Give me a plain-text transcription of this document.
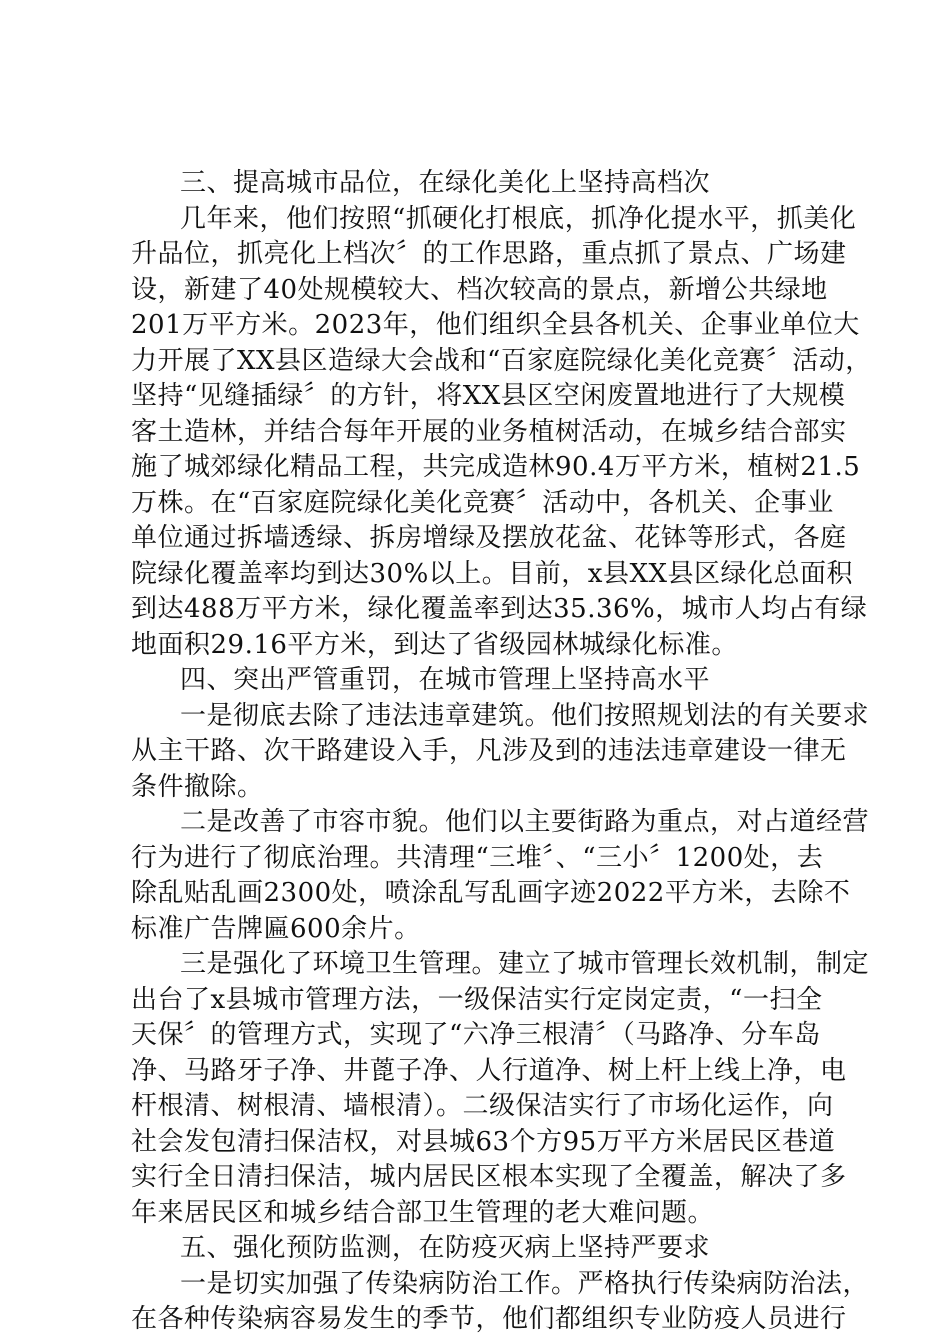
三、提高城市品位，在绿化美化上坚持高档次
几年来，他们按照“抓硬化打根底，抓净化提水平，抓美化
升品位，抓亮化上档次〞的工作思路，重点抓了景点、广场建
设，新建了40处规模较大、档次较高的景点，新增公共绿地
201万平方米。2023年，他们组织全县各机关、企事业单位大
力开展了XX县区造绿大会战和“百家庭院绿化美化竞赛〞活动，
坚持“见缝插绿〞的方针，将XX县区空闲废置地进行了大规模
客土造林，并结合每年开展的业务植树活动，在城乡结合部实
施了城郊绿化精品工程，共完成造林90.4万平方米，植树21.5
万株。在“百家庭院绿化美化竞赛〞活动中，各机关、企事业
单位通过拆墙透绿、拆房增绿及摆放花盆、花钵等形式，各庭
院绿化覆盖率均到达30%以上。目前，x县XX县区绿化总面积
到达488万平方米，绿化覆盖率到达35.36%，城市人均占有绿
地面积29.16平方米，到达了省级园林城绿化标准。
四、突出严管重罚，在城市管理上坚持高水平
一是彻底去除了违法违章建筑。他们按照规划法的有关要求
从主干路、次干路建设入手，凡涉及到的违法违章建设一律无
条件撤除。
二是改善了市容市貌。他们以主要街路为重点，对占道经营
行为进行了彻底治理。共清理“三堆〞、“三小〞1200处，去
除乱贴乱画2300处，喷涂乱写乱画字迹2022平方米，去除不
标准广告牌匾600余片。
三是强化了环境卫生管理。建立了城市管理长效机制，制定
出台了x县城市管理方法，一级保洁实行定岗定责，“一扫全
天保〞的管理方式，实现了“六净三根清〞（马路净、分车岛
净、马路牙子净、井蓖子净、人行道净、树上杆上线上净，电
杆根清、树根清、墙根清）。二级保洁实行了市场化运作，向
社会发包清扫保洁权，对县城63个方95万平方米居民区巷道
实行全日清扫保洁，城内居民区根本实现了全覆盖，解决了多
年来居民区和城乡结合部卫生管理的老大难问题。
五、强化预防监测，在防疫灭病上坚持严要求
一是切实加强了传染病防治工作。严格执行传染病防治法，
在各种传染病容易发生的季节，他们都组织专业防疫人员进行
